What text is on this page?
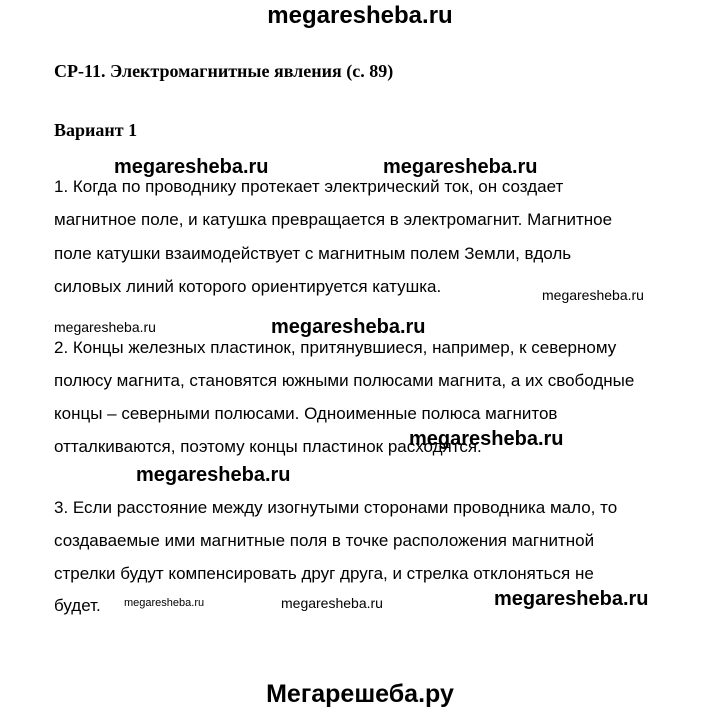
megaresheba.ru
СР-11. Электромагнитные явления (с. 89)
Вариант 1
1. Когда по проводнику протекает электрический ток, он создает
магнитное поле, и катушка превращается в электромагнит. Магнитное
поле катушки взаимодействует с магнитным полем Земли, вдоль
силовых линий которого ориентируется катушка.
2. Концы железных пластинок, притянувшиеся, например, к северному
полюсу магнита, становятся южными полюсами магнита, а их свободные
концы – северными полюсами. Одноименные полюса магнитов
отталкиваются, поэтому концы пластинок расходятся.
3. Если расстояние между изогнутыми сторонами проводника мало, то
создаваемые ими магнитные поля в точке расположения магнитной
стрелки будут компенсировать друг друга, и стрелка отклоняться не
будет.
megaresheba.ru	megaresheba.ru
megaresheba.ru
megaresheba.ru	megaresheba.ru
megaresheba.ru
megaresheba.ru
megaresheba.ru	megaresheba.ru	megaresheba.ru
Мегарешеба.ру
